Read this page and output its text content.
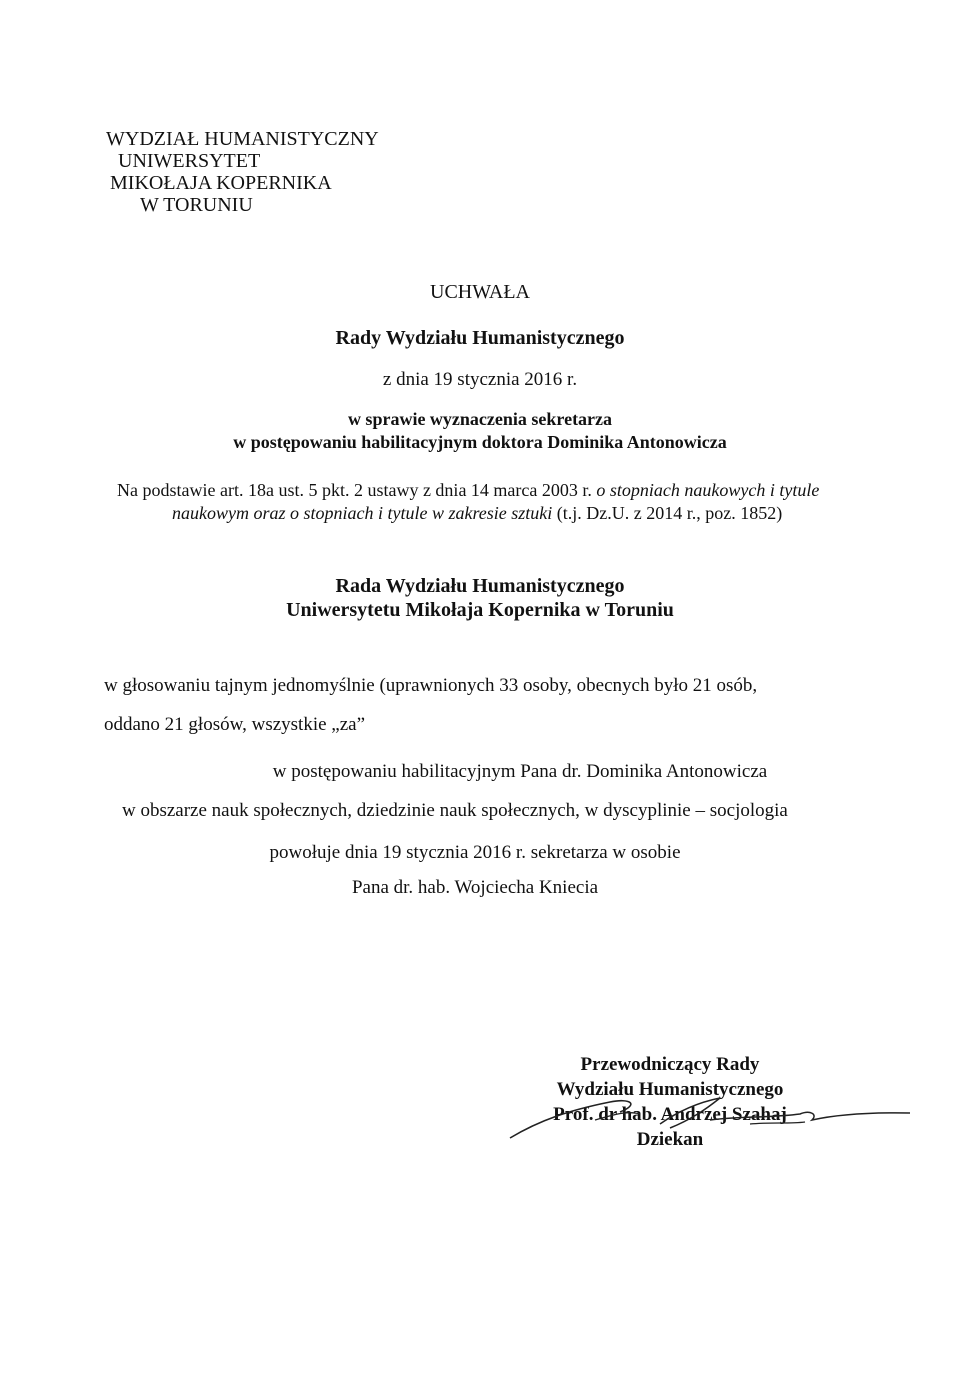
WYDZIAŁ HUMANISTYCZNY
UNIWERSYTET
MIKOŁAJA KOPERNIKA
W TORUNIU
UCHWAŁA
Rady Wydziału Humanistycznego
z dnia 19 stycznia 2016 r.
w sprawie wyznaczenia sekretarza
w postępowaniu habilitacyjnym doktora Dominika Antonowicza
Na podstawie art. 18a ust. 5 pkt. 2 ustawy z dnia 14 marca 2003 r. o stopniach naukowych i tytule
naukowym oraz o stopniach i tytule w zakresie sztuki (t.j. Dz.U. z 2014 r., poz. 1852)
Rada Wydziału Humanistycznego
Uniwersytetu Mikołaja Kopernika w Toruniu
w głosowaniu tajnym jednomyślnie (uprawnionych 33 osoby, obecnych było 21 osób,
oddano 21 głosów, wszystkie „za”
w postępowaniu habilitacyjnym Pana dr. Dominika Antonowicza
w obszarze nauk społecznych, dziedzinie nauk społecznych, w dyscyplinie – socjologia
powołuje dnia 19 stycznia 2016 r. sekretarza w osobie
Pana dr. hab. Wojciecha Kniecia
Przewodniczący Rady
Wydziału Humanistycznego
Prof. dr hab. Andrzej Szahaj
Dziekan
